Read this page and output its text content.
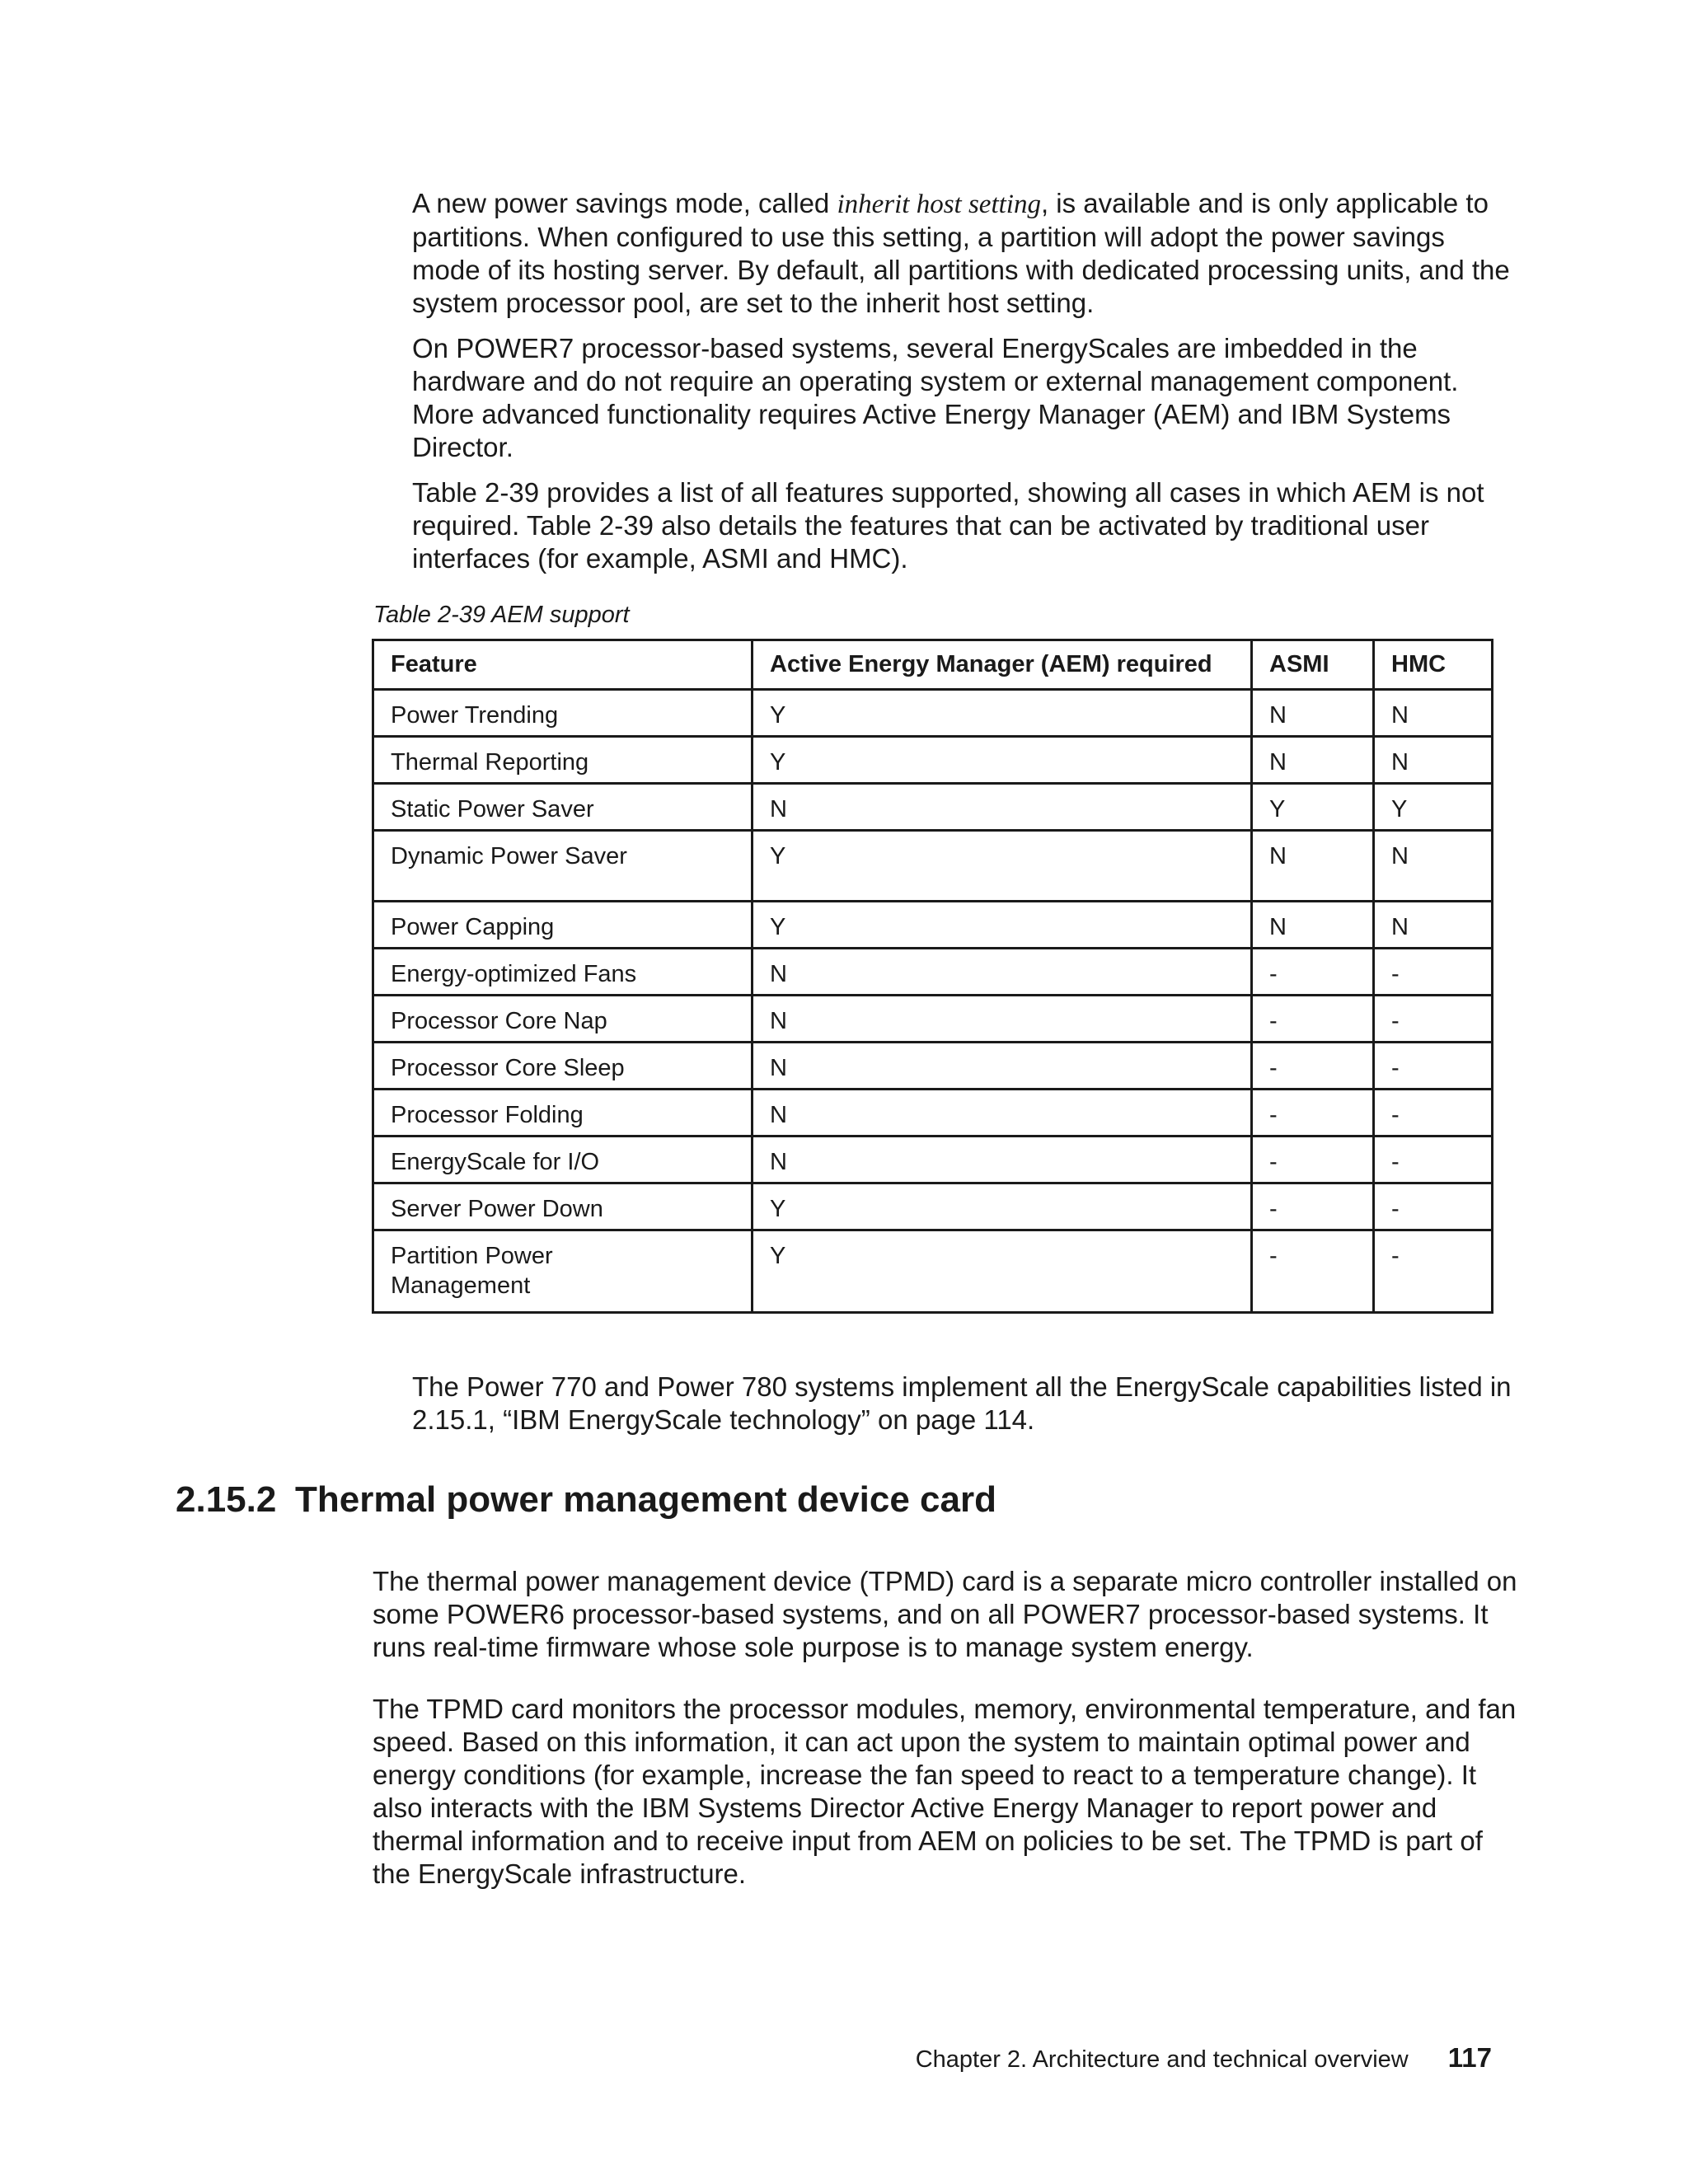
A new power savings mode, called inherit host setting, is available and is only applicable to partitions. When configured to use this setting, a partition will adopt the power savings mode of its hosting server. By default, all partitions with dedicated processing units, and the system processor pool, are set to the inherit host setting.

On POWER7 processor-based systems, several EnergyScales are imbedded in the hardware and do not require an operating system or external management component. More advanced functionality requires Active Energy Manager (AEM) and IBM Systems Director.

Table 2-39 provides a list of all features supported, showing all cases in which AEM is not required. Table 2-39 also details the features that can be activated by traditional user interfaces (for example, ASMI and HMC).

Table 2-39 AEM support

Feature	Active Energy Manager (AEM) required	ASMI	HMC
Power Trending	Y	N	N
Thermal Reporting	Y	N	N
Static Power Saver	N	Y	Y
Dynamic Power Saver	Y	N	N
Power Capping	Y	N	N
Energy-optimized Fans	N	-	-
Processor Core Nap	N	-	-
Processor Core Sleep	N	-	-
Processor Folding	N	-	-
EnergyScale for I/O	N	-	-
Server Power Down	Y	-	-
Partition Power Management	Y	-	-

The Power 770 and Power 780 systems implement all the EnergyScale capabilities listed in 2.15.1, “IBM EnergyScale technology” on page 114.

2.15.2 Thermal power management device card

The thermal power management device (TPMD) card is a separate micro controller installed on some POWER6 processor-based systems, and on all POWER7 processor-based systems. It runs real-time firmware whose sole purpose is to manage system energy.

The TPMD card monitors the processor modules, memory, environmental temperature, and fan speed. Based on this information, it can act upon the system to maintain optimal power and energy conditions (for example, increase the fan speed to react to a temperature change). It also interacts with the IBM Systems Director Active Energy Manager to report power and thermal information and to receive input from AEM on policies to be set. The TPMD is part of the EnergyScale infrastructure.

Chapter 2. Architecture and technical overview 117
